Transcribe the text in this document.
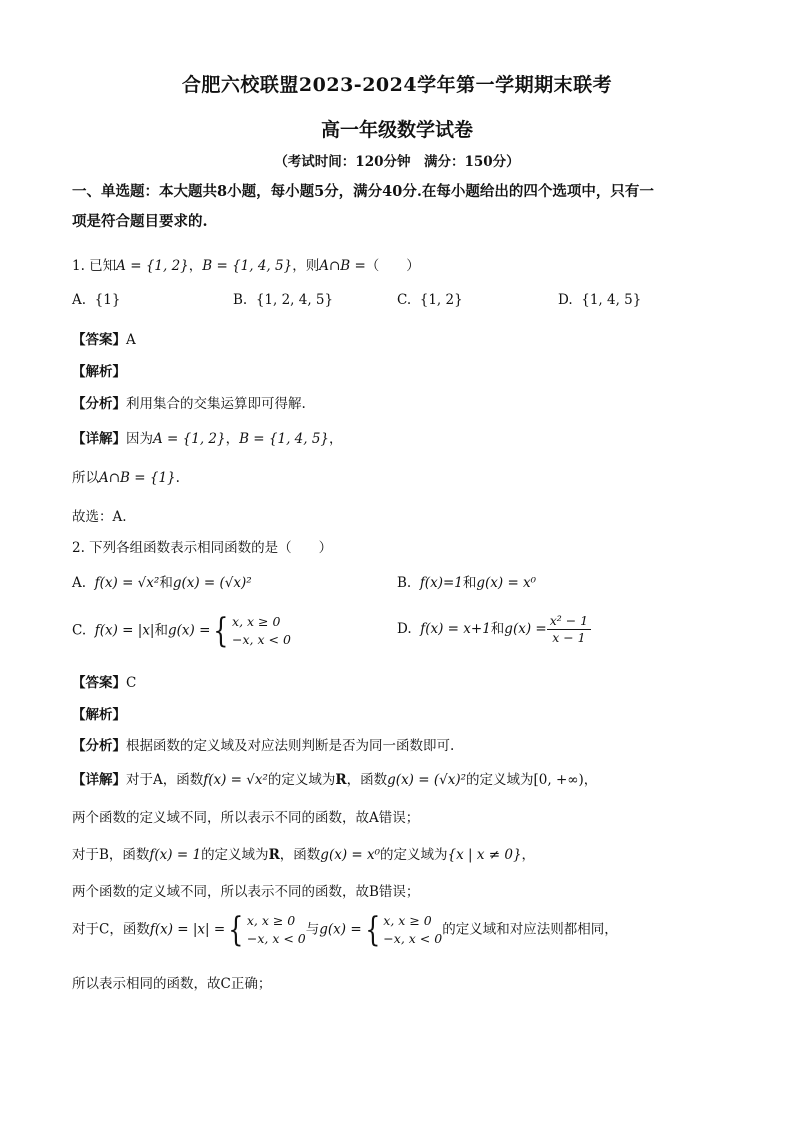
合肥六校联盟2023-2024学年第一学期期末联考
高一年级数学试卷
（考试时间：120分钟　满分：150分）
一、单选题：本大题共8小题，每小题5分，满分40分.在每小题给出的四个选项中，只有一
项是符合题目要求的.
1. 已知A = {1, 2}，B = {1, 4, 5}，则A∩B =（　　）
A. {1}	B. {1, 2, 4, 5}	C. {1, 2}	D. {1, 4, 5}
【答案】A
【解析】
【分析】利用集合的交集运算即可得解.
【详解】因为A = {1, 2}，B = {1, 4, 5}，
所以A∩B = {1}.
故选：A.
2. 下列各组函数表示相同函数的是（　　）
A. f(x) = √x²和g(x) = (√x)²	B. f(x)=1和g(x) = x⁰
C. f(x) = |x|和g(x) ={ x, x ≥ 0
−x, x < 0
D. f(x) = x+1和$g(x) = \frac{\text{x² − 1}}{x - 1}$
【答案】C
【解析】
【分析】根据函数的定义域及对应法则判断是否为同一函数即可.
【详解】对于A，函数f(x) = √x²的定义域为R，函数g(x) = (√x)²的定义域为[0, +∞)，
两个函数的定义域不同，所以表示不同的函数，故A错误；
对于B，函数f(x) = 1的定义域为R，函数g(x) = x⁰的定义域为{x | x ≠ 0}，
两个函数的定义域不同，所以表示不同的函数，故B错误；
对于C，函数f(x) = |x| ={ x, x ≥ 0
−x, x < 0
与g(x) ={ x, x ≥ 0
−x, x < 0
的定义域和对应法则都相同，
所以表示相同的函数，故C正确；
